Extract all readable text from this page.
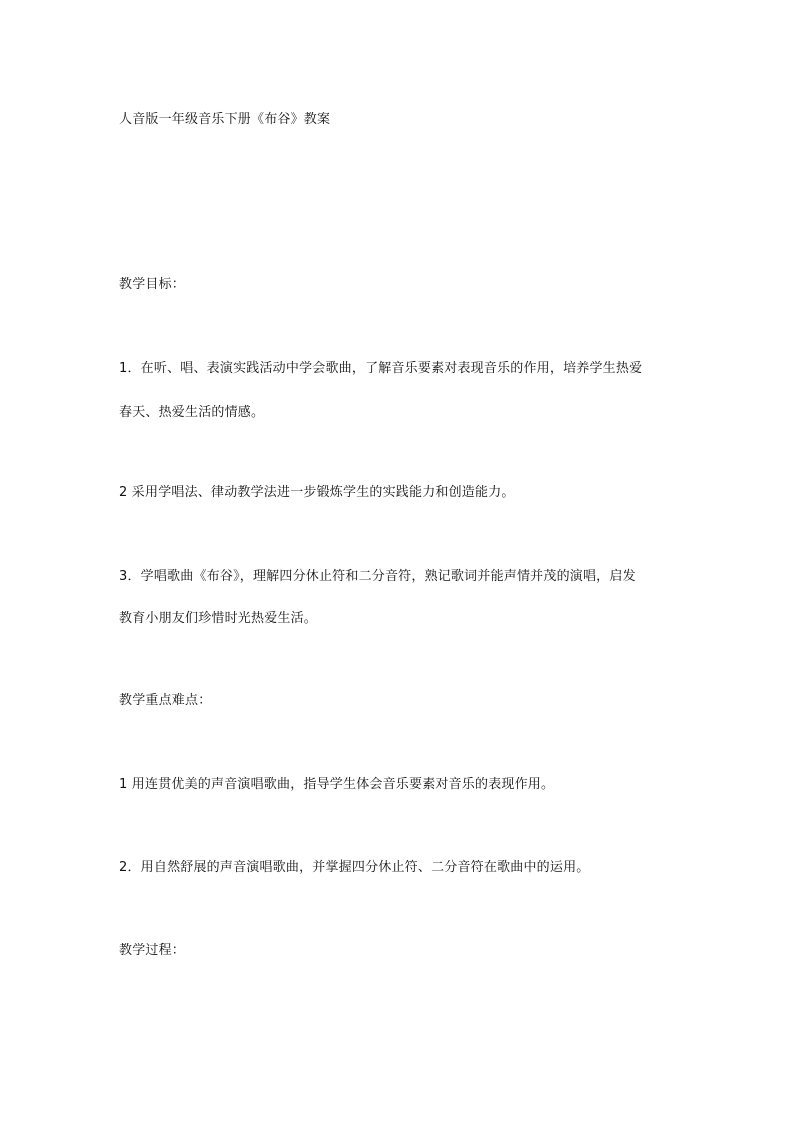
人音版一年级音乐下册《布谷》教案
教学目标：
1．在听、唱、表演实践活动中学会歌曲，了解音乐要素对表现音乐的作用，培养学生热爱
春天、热爱生活的情感。
2 采用学唱法、律动教学法进一步锻炼学生的实践能力和创造能力。
3．学唱歌曲《布谷》，理解四分休止符和二分音符，熟记歌词并能声情并茂的演唱，启发
教育小朋友们珍惜时光热爱生活。
教学重点难点：
1 用连贯优美的声音演唱歌曲，指导学生体会音乐要素对音乐的表现作用。
2．用自然舒展的声音演唱歌曲，并掌握四分休止符、二分音符在歌曲中的运用。
教学过程：
